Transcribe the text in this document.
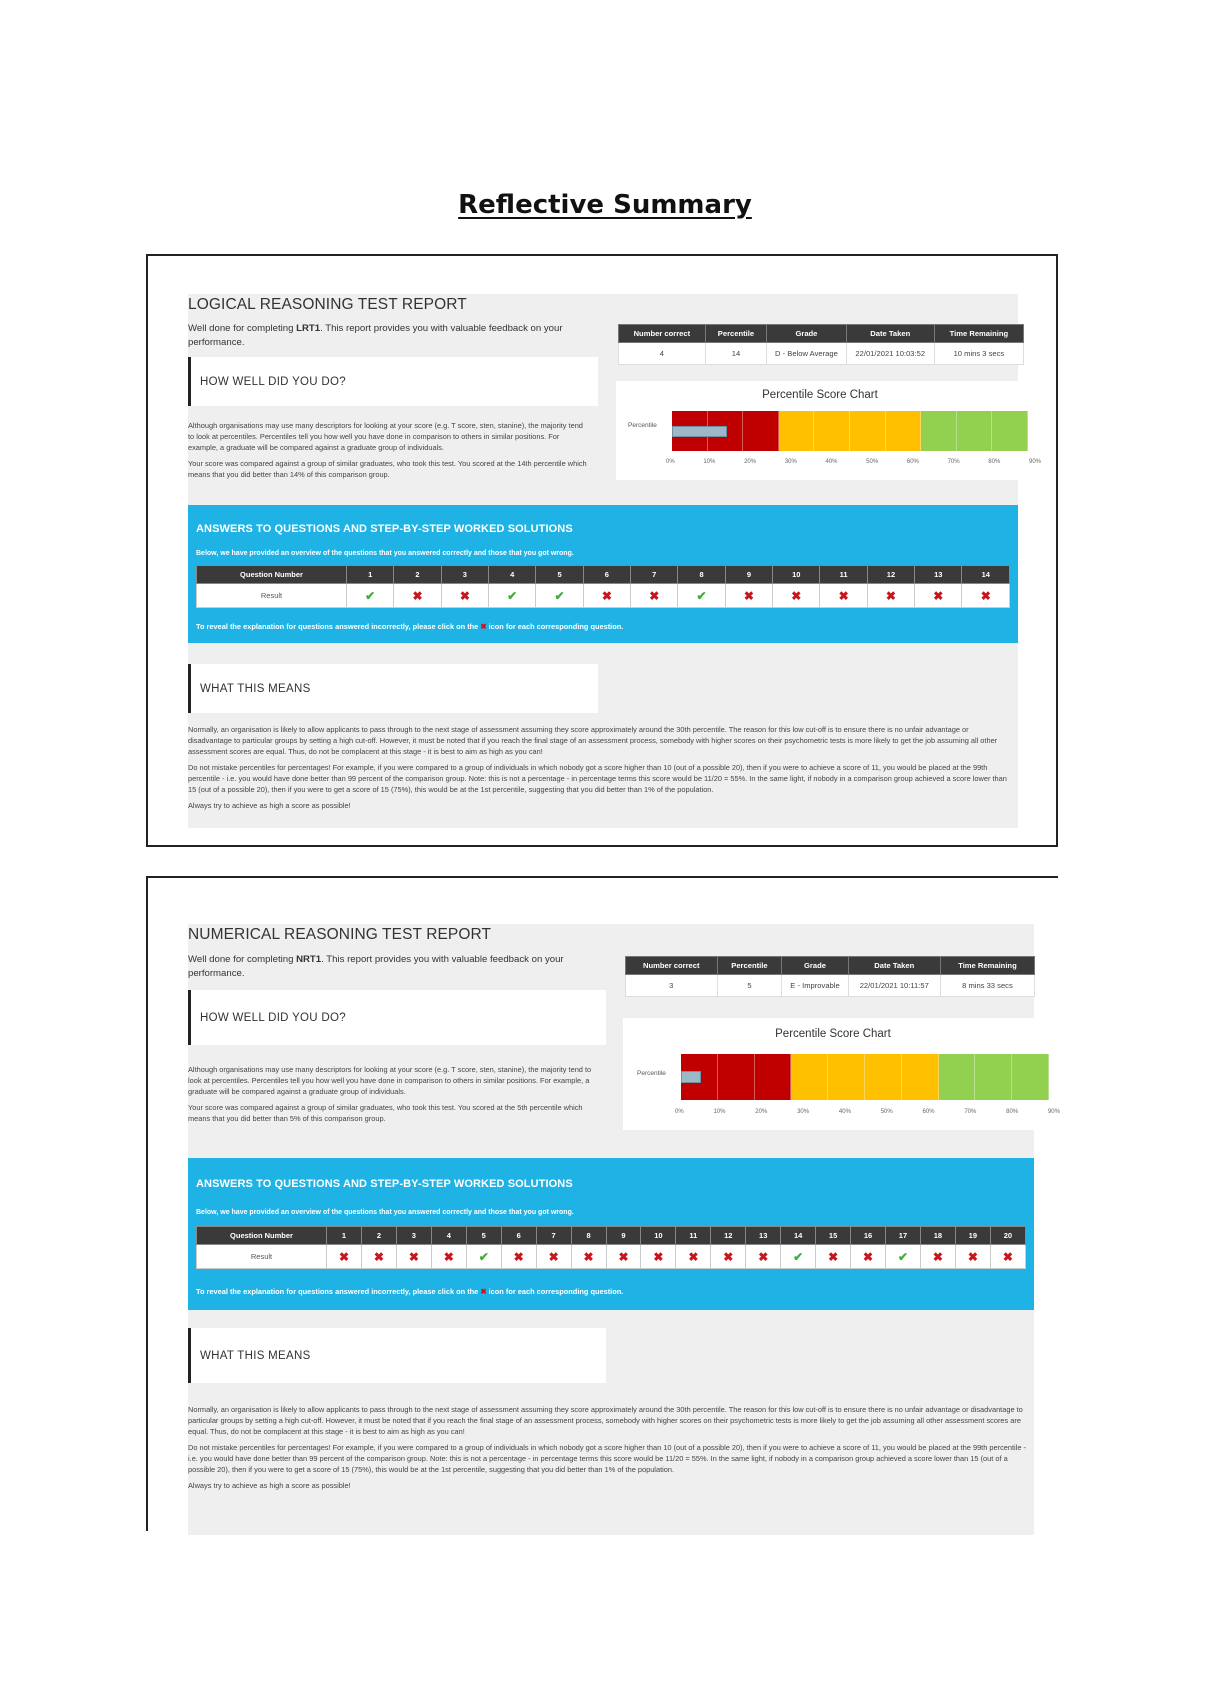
Reflective Summary
LOGICAL REASONING TEST REPORT
Well done for completing LRT1. This report provides you with valuable feedback on your performance.
Number correct	Percentile	Grade	Date Taken	Time Remaining
4	14	D - Below Average	22/01/2021 10:03:52	10 mins 3 secs
HOW WELL DID YOU DO?

Although organisations may use many descriptors for looking at your score (e.g. T score, sten, stanine), the majority tend to look at percentiles. Percentiles tell you how well you have done in comparison to others in similar positions. For example, a graduate will be compared against a graduate group of individuals.

Your score was compared against a group of similar graduates, who took this test. You scored at the 14th percentile which means that you did better than 14% of this comparison group.

Percentile Score Chart
Percentile
0%	10%	20%	30%	40%	50%	60%	70%	80%	90%
ANSWERS TO QUESTIONS AND STEP-BY-STEP WORKED SOLUTIONS
Below, we have provided an overview of the questions that you answered correctly and those that you got wrong.
Question Number	1	2	3	4	5	6	7	8	9	10	11	12	13	14
Result	✔	✖	✖	✔	✔	✖	✖	✔	✖	✖	✖	✖	✖	✖
To reveal the explanation for questions answered incorrectly, please click on the ✖ icon for each corresponding question.
WHAT THIS MEANS

Normally, an organisation is likely to allow applicants to pass through to the next stage of assessment assuming they score approximately around the 30th percentile. The reason for this low cut-off is to ensure there is no unfair advantage or disadvantage to particular groups by setting a high cut-off. However, it must be noted that if you reach the final stage of an assessment process, somebody with higher scores on their psychometric tests is more likely to get the job assuming all other assessment scores are equal. Thus, do not be complacent at this stage - it is best to aim as high as you can!

Do not mistake percentiles for percentages! For example, if you were compared to a group of individuals in which nobody got a score higher than 10 (out of a possible 20), then if you were to achieve a score of 11, you would be placed at the 99th percentile - i.e. you would have done better than 99 percent of the comparison group. Note: this is not a percentage - in percentage terms this score would be 11/20 = 55%. In the same light, if nobody in a comparison group achieved a score lower than 15 (out of a possible 20), then if you were to get a score of 15 (75%), this would be at the 1st percentile, suggesting that you did better than 1% of the population.

Always try to achieve as high a score as possible!

NUMERICAL REASONING TEST REPORT
Well done for completing NRT1. This report provides you with valuable feedback on your performance.
Number correct	Percentile	Grade	Date Taken	Time Remaining
3	5	E - Improvable	22/01/2021 10:11:57	8 mins 33 secs
HOW WELL DID YOU DO?

Although organisations may use many descriptors for looking at your score (e.g. T score, sten, stanine), the majority tend to look at percentiles. Percentiles tell you how well you have done in comparison to others in similar positions. For example, a graduate will be compared against a graduate group of individuals.

Your score was compared against a group of similar graduates, who took this test. You scored at the 5th percentile which means that you did better than 5% of this comparison group.

Percentile Score Chart
Percentile
0%	10%	20%	30%	40%	50%	60%	70%	80%	90%
ANSWERS TO QUESTIONS AND STEP-BY-STEP WORKED SOLUTIONS
Below, we have provided an overview of the questions that you answered correctly and those that you got wrong.
Question Number	1	2	3	4	5	6	7	8	9	10	11	12	13	14	15	16	17	18	19	20
Result	✖	✖	✖	✖	✔	✖	✖	✖	✖	✖	✖	✖	✖	✔	✖	✖	✔	✖	✖	✖
To reveal the explanation for questions answered incorrectly, please click on the ✖ icon for each corresponding question.
WHAT THIS MEANS

Normally, an organisation is likely to allow applicants to pass through to the next stage of assessment assuming they score approximately around the 30th percentile. The reason for this low cut-off is to ensure there is no unfair advantage or disadvantage to particular groups by setting a high cut-off. However, it must be noted that if you reach the final stage of an assessment process, somebody with higher scores on their psychometric tests is more likely to get the job assuming all other assessment scores are equal. Thus, do not be complacent at this stage - it is best to aim as high as you can!

Do not mistake percentiles for percentages! For example, if you were compared to a group of individuals in which nobody got a score higher than 10 (out of a possible 20), then if you were to achieve a score of 11, you would be placed at the 99th percentile - i.e. you would have done better than 99 percent of the comparison group. Note: this is not a percentage - in percentage terms this score would be 11/20 = 55%. In the same light, if nobody in a comparison group achieved a score lower than 15 (out of a possible 20), then if you were to get a score of 15 (75%), this would be at the 1st percentile, suggesting that you did better than 1% of the population.

Always try to achieve as high a score as possible!
